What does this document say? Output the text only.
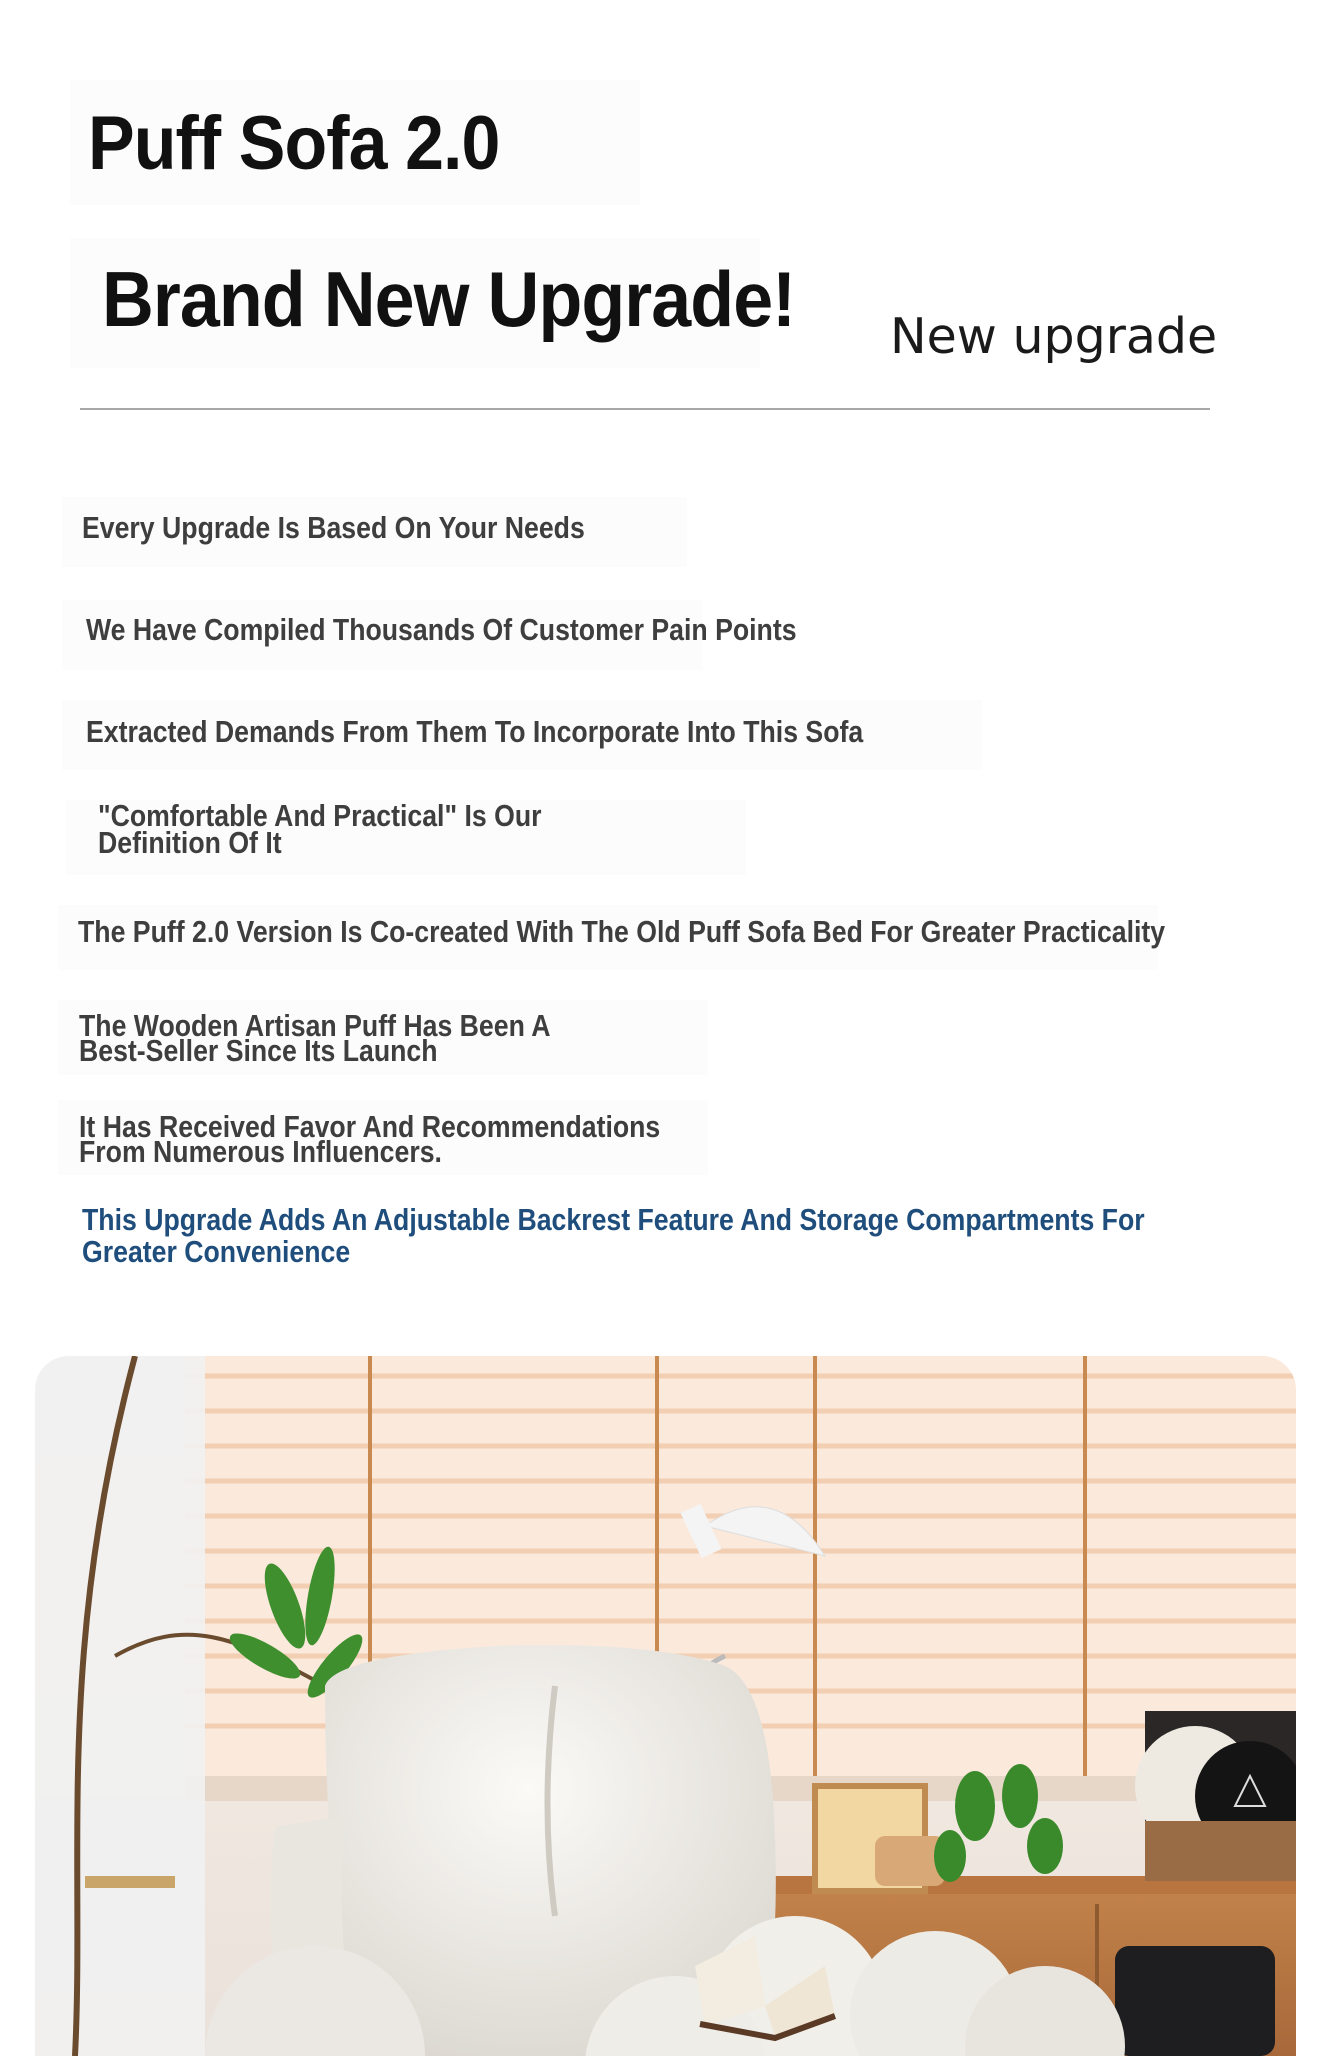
Puff Sofa 2.0
Brand New Upgrade! New upgrade
Every Upgrade Is Based On Your Needs
We Have Compiled Thousands Of Customer Pain Points
Extracted Demands From Them To Incorporate Into This Sofa
"Comfortable And Practical" Is Our
Definition Of It
The Puff 2.0 Version Is Co-created With The Old Puff Sofa Bed For Greater Practicality
The Wooden Artisan Puff Has Been A
Best-Seller Since Its Launch
It Has Received Favor And Recommendations
From Numerous Influencers.
This Upgrade Adds An Adjustable Backrest Feature And Storage Compartments For
Greater Convenience
